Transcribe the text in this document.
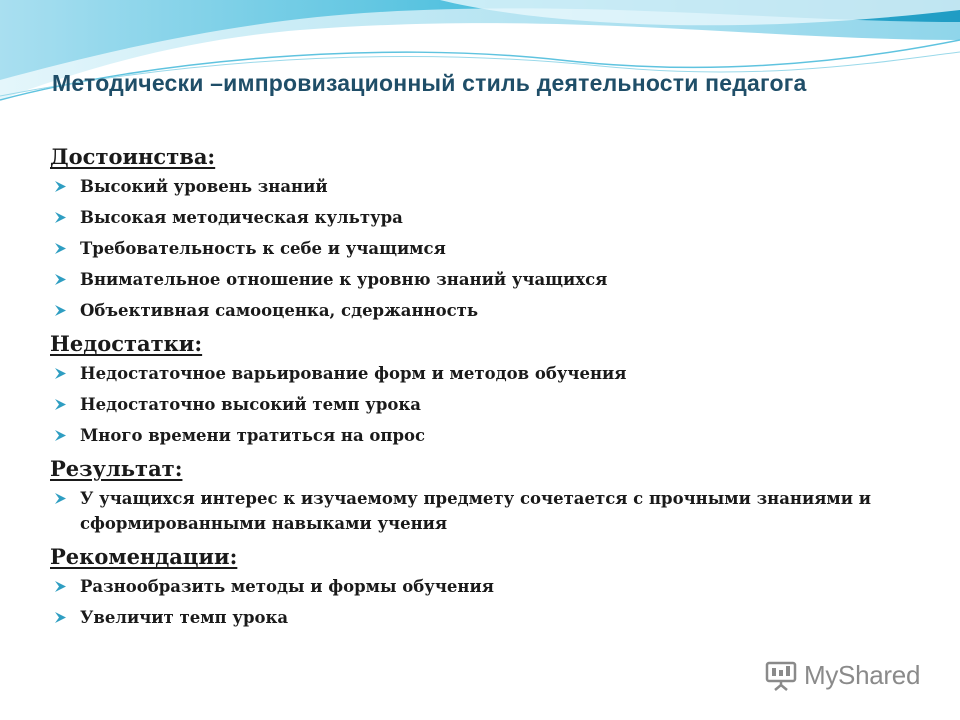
Методически –импровизационный стиль деятельности педагога
Достоинства:
Высокий уровень знаний
Высокая методическая культура
Требовательность к себе и учащимся
Внимательное отношение к уровню знаний учащихся
Объективная самооценка, сдержанность
Недостатки:
Недостаточное варьирование форм и методов обучения
Недостаточно высокий темп урока
Много времени тратиться на опрос
Результат:
У учащихся интерес к изучаемому предмету сочетается с прочными знаниями и сформированными навыками учения
Рекомендации:
Разнообразить методы и формы обучения
Увеличит темп урока
MyShared
